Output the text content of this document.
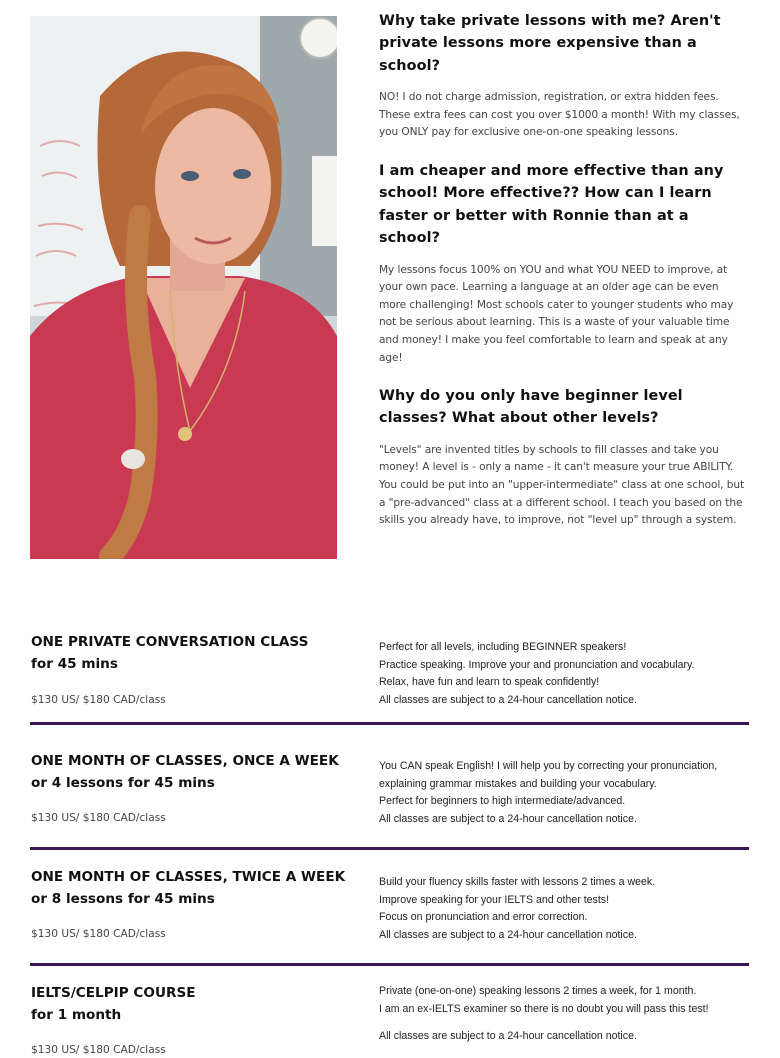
Why take private lessons with me? Aren't private lessons more expensive than a school?

NO! I do not charge admission, registration, or extra hidden fees. These extra fees can cost you over $1000 a month! With my classes, you ONLY pay for exclusive one-on-one speaking lessons.

I am cheaper and more effective than any school! More effective?? How can I learn faster or better with Ronnie than at a school?

My lessons focus 100% on YOU and what YOU NEED to improve, at your own pace. Learning a language at an older age can be even more challenging! Most schools cater to younger students who may not be serious about learning. This is a waste of your valuable time and money! I make you feel comfortable to learn and speak at any age!

Why do you only have beginner level classes? What about other levels?

"Levels" are invented titles by schools to fill classes and take you money! A level is - only a name - it can't measure your true ABILITY. You could be put into an "upper-intermediate" class at one school, but a "pre-advanced" class at a different school. I teach you based on the skills you already have, to improve, not "level up" through a system.

ONE PRIVATE CONVERSATION CLASS
for 45 mins
$130 US/ $180 CAD/class
Perfect for all levels, including BEGINNER speakers!
Practice speaking. Improve your and pronunciation and vocabulary.
Relax, have fun and learn to speak confidently!
All classes are subject to a 24-hour cancellation notice.
ONE MONTH OF CLASSES, ONCE A WEEK
or 4 lessons for 45 mins
$130 US/ $180 CAD/class
You CAN speak English! I will help you by correcting your pronunciation,
explaining grammar mistakes and building your vocabulary.
Perfect for beginners to high intermediate/advanced.
All classes are subject to a 24-hour cancellation notice.
ONE MONTH OF CLASSES, TWICE A WEEK
or 8 lessons for 45 mins
$130 US/ $180 CAD/class
Build your fluency skills faster with lessons 2 times a week.
Improve speaking for your IELTS and other tests!
Focus on pronunciation and error correction.
All classes are subject to a 24-hour cancellation notice.
IELTS/CELPIP COURSE
for 1 month
$130 US/ $180 CAD/class
Private (one-on-one) speaking lessons 2 times a week, for 1 month.
I am an ex-IELTS examiner so there is no doubt you will pass this test!
All classes are subject to a 24-hour cancellation notice.
